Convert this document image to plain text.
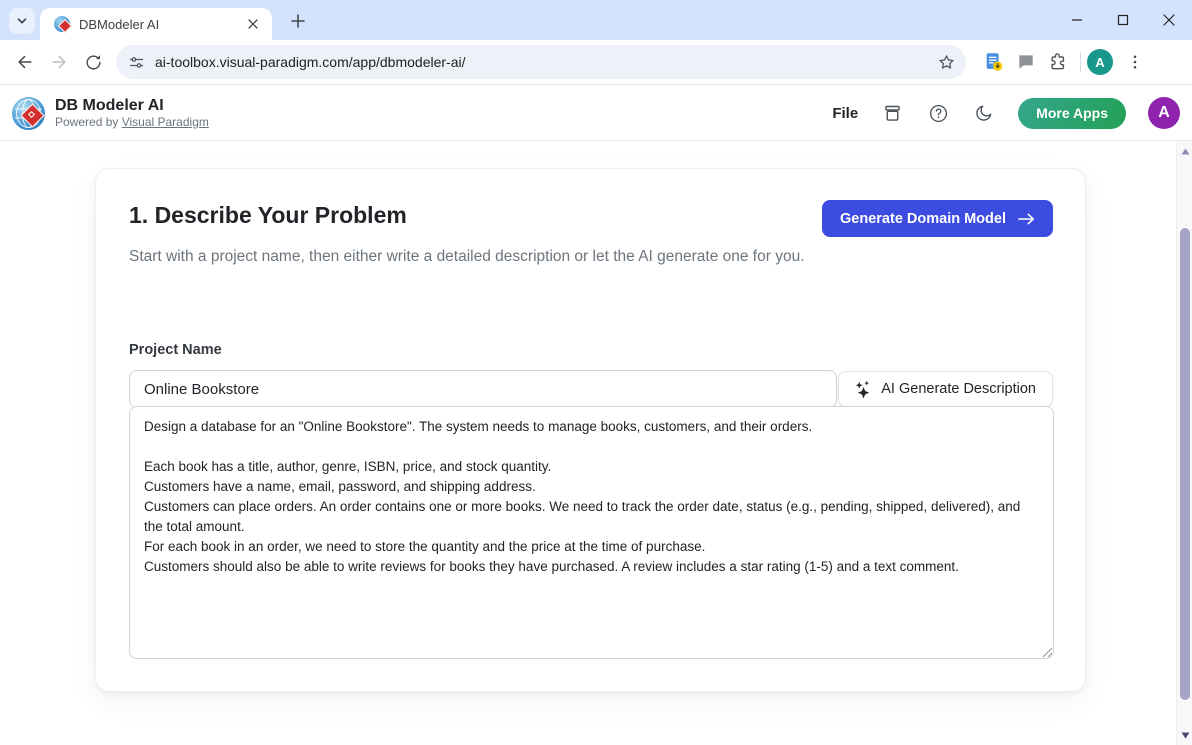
DBModeler AI
ai-toolbox.visual-paradigm.com/app/dbmodeler-ai/	A
DB Modeler AI
Powered by Visual Paradigm	File	More Apps	A
1. Describe Your Problem
Start with a project name, then either write a detailed description or let the AI generate one for you.
Generate Domain Model
Project Name
Online Bookstore
AI Generate Description
Design a database for an "Online Bookstore". The system needs to manage books, customers, and their orders. Each book has a title, author, genre, ISBN, price, and stock quantity. Customers have a name, email, password, and shipping address. Customers can place orders. An order contains one or more books. We need to track the order date, status (e.g., pending, shipped, delivered), and the total amount. For each book in an order, we need to store the quantity and the price at the time of purchase. Customers should also be able to write reviews for books they have purchased. A review includes a star rating (1-5) and a text comment.
